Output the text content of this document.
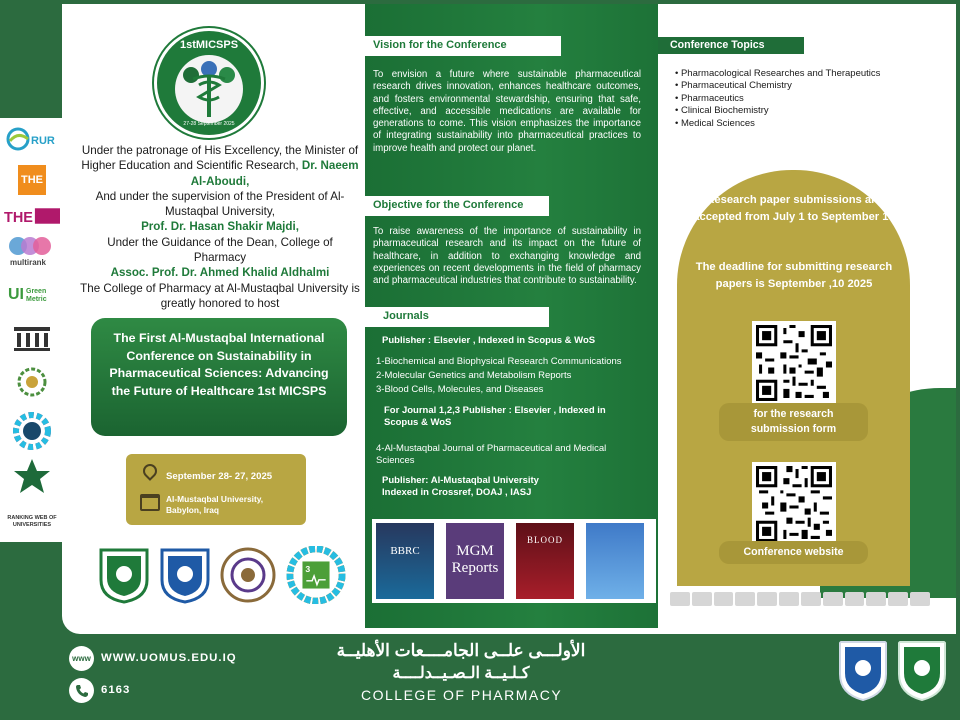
RUR
THE
THE
multirank
UI Green
Metric
RANKING WEB OF UNIVERSITIES
1stMICSPS
27-28 September 2025
Under the patronage of His Excellency, the Minister of Higher Education and Scientific Research, Dr. Naeem Al-Aboudi,
And under the supervision of the President of Al-Mustaqbal University,
Prof. Dr. Hasan Shakir Majdi,
Under the Guidance of the Dean, College of Pharmacy
Assoc. Prof. Dr. Ahmed Khalid Aldhalmi
The College of Pharmacy at Al-Mustaqbal University is greatly honored to host
The First Al-Mustaqbal International Conference on Sustainability in Pharmaceutical Sciences: Advancing the Future of Healthcare 1st MICSPS
September 28- 27, 2025
Al-Mustaqbal University,
Babylon, Iraq
3
Vision for the Conference
To envision a future where sustainable pharmaceutical research drives innovation, enhances healthcare outcomes, and fosters environmental stewardship, ensuring that safe, effective, and accessible medications are available for generations to come. This vision emphasizes the importance of integrating sustainability into pharmaceutical practices to improve health and protect our planet.
Objective for the Conference
To raise awareness of the importance of sustainability in pharmaceutical research and its impact on the future of healthcare, in addition to exchanging knowledge and experiences on recent developments in the field of pharmacy and pharmaceutical industries that contribute to sustainability.
Journals
Publisher : Elsevier , Indexed in Scopus & WoS
1-Biochemical and Biophysical Research Communications
2-Molecular Genetics and Metabolism Reports
3-Blood Cells, Molecules, and Diseases
For Journal 1,2,3 Publisher : Elsevier , Indexed in
Scopus & WoS
4-Al-Mustaqbal Journal of Pharmaceutical and Medical Sciences
Publisher: Al-Mustaqbal University
Indexed in Crossref, DOAJ , IASJ
BBRC	MGM Reports
BLOOD
Conference Topics
• Pharmacological Researches and Therapeutics
• Pharmaceutical Chemistry
• Pharmaceutics
• Clinical Biochemistry
• Medical Sciences
Research paper submissions are accepted from July 1 to September 10
The deadline for submitting research papers is September ,10 2025
for the research submission form
Conference website
www WWW.UOMUS.EDU.IQ
6163
الأولـــى علــى الجامــــعات الأهليــة
كـلـيــة الـصـيــدلــــة
COLLEGE OF PHARMACY
